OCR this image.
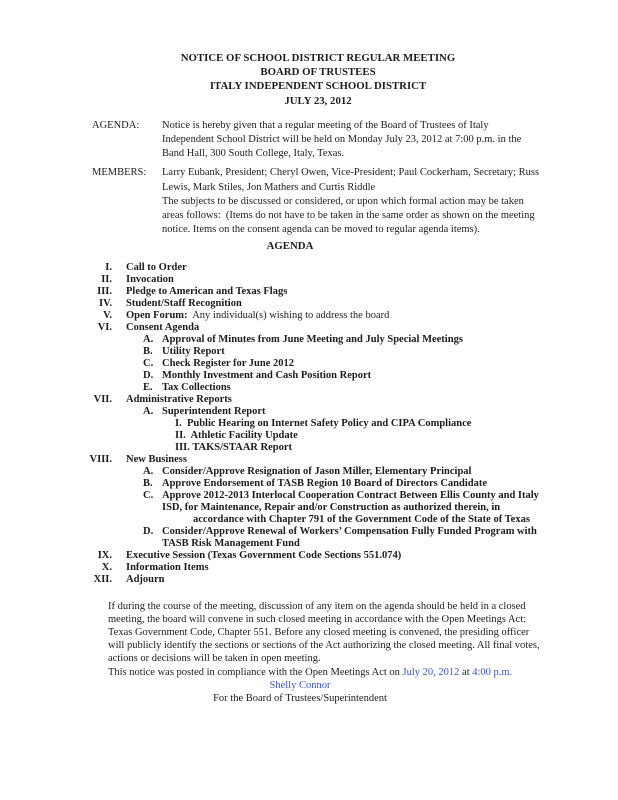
NOTICE OF SCHOOL DISTRICT REGULAR MEETING
BOARD OF TRUSTEES
ITALY INDEPENDENT SCHOOL DISTRICT
JULY 23, 2012
AGENDA:	Notice is hereby given that a regular meeting of the Board of Trustees of Italy
Independent School District will be held on Monday July 23, 2012 at 7:00 p.m. in the
Band Hall, 300 South College, Italy, Texas.
MEMBERS:	Larry Eubank, President; Cheryl Owen, Vice-President; Paul Cockerham, Secretary; Russ
Lewis, Mark Stiles, Jon Mathers and Curtis Riddle
The subjects to be discussed or considered, or upon which formal action may be taken
areas follows:  (Items do not have to be taken in the same order as shown on the meeting
notice. Items on the consent agenda can be moved to regular agenda items).
AGENDA
I. Call to Order
II. Invocation
III. Pledge to American and Texas Flags
IV. Student/Staff Recognition
V. Open Forum:  Any individual(s) wishing to address the board
VI. Consent Agenda
A. Approval of Minutes from June Meeting and July Special Meetings
B. Utility Report
C. Check Register for June 2012
D. Monthly Investment and Cash Position Report
E. Tax Collections
VII. Administrative Reports
A. Superintendent Report
I.  Public Hearing on Internet Safety Policy and CIPA Compliance
II.  Athletic Facility Update
III. TAKS/STAAR Report
VIII. New Business
A. Consider/Approve Resignation of Jason Miller, Elementary Principal
B. Approve Endorsement of TASB Region 10 Board of Directors Candidate
C. Approve 2012-2013 Interlocal Cooperation Contract Between Ellis County and Italy
ISD, for Maintenance, Repair and/or Construction as authorized therein, in
accordance with Chapter 791 of the Government Code of the State of Texas
D. Consider/Approve Renewal of Workers’ Compensation Fully Funded Program with
TASB Risk Management Fund
IX. Executive Session (Texas Government Code Sections 551.074)
X. Information Items
XII. Adjourn
If during the course of the meeting, discussion of any item on the agenda should be held in a closed
meeting, the board will convene in such closed meeting in accordance with the Open Meetings Act:
Texas Government Code, Chapter 551. Before any closed meeting is convened, the presiding officer
will publicly identify the sections or sections of the Act authorizing the closed meeting. All final votes,
actions or decisions will be taken in open meeting.
This notice was posted in compliance with the Open Meetings Act on July 20, 2012 at 4:00 p.m.
Shelly Connor
For the Board of Trustees/Superintendent
